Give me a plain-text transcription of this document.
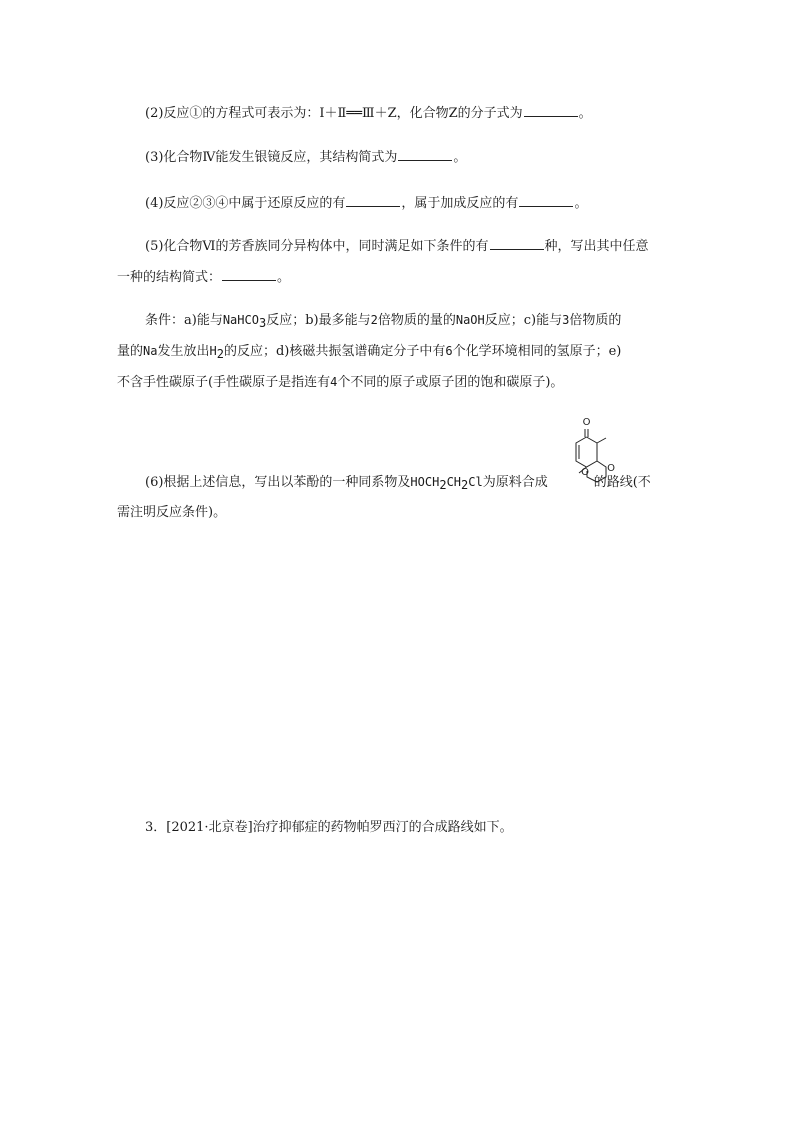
(2)反应①的方程式可表示为：Ⅰ＋Ⅱ══Ⅲ＋Z，化合物Z的分子式为	。
(3)化合物Ⅳ能发生银镜反应，其结构简式为	。
(4)反应②③④中属于还原反应的有	，属于加成反应的有	。
(5)化合物Ⅵ的芳香族同分异构体中，同时满足如下条件的有	种，写出其中任意
一种的结构简式：	。
条件：a)能与NaHCO$_3$反应；b)最多能与2倍物质的量的NaOH反应；c)能与3倍物质的
量的Na发生放出$H_2$的反应；d)核磁共振氢谱确定分子中有6个化学环境相同的氢原子；e)
不含手性碳原子(手性碳原子是指连有4个不同的原子或原子团的饱和碳原子)。
(6)根据上述信息，写出以苯酚的一种同系物及$HOCH_2CH_2Cl$为原料合成	的路线(不
需注明反应条件)。
O
O
O
3．[2021·北京卷]治疗抑郁症的药物帕罗西汀的合成路线如下。
